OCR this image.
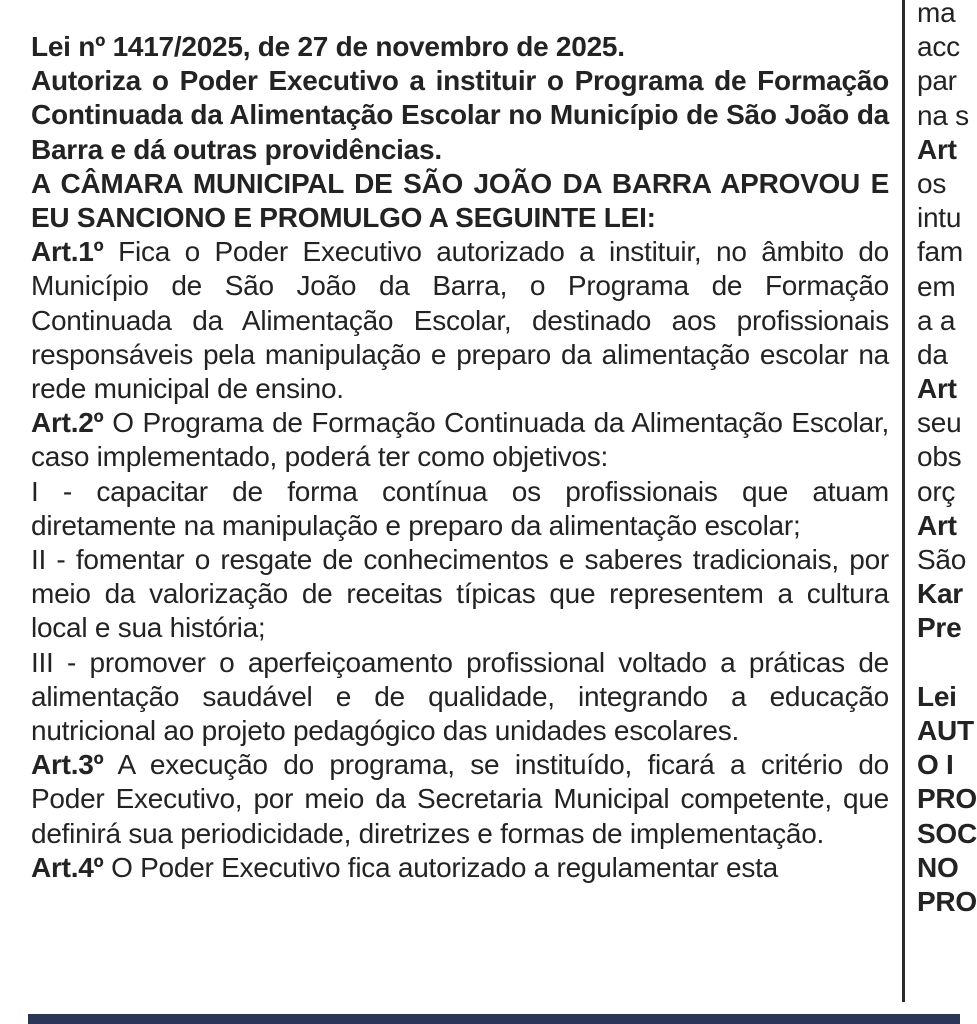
Lei nº 1417/2025, de 27 de novembro de 2025.

Autoriza o Poder Executivo a instituir o Programa de Formação Continuada da Alimentação Escolar no Município de São João da Barra e dá outras providências.

A CÂMARA MUNICIPAL DE SÃO JOÃO DA BARRA APROVOU E EU SANCIONO E PROMULGO A SEGUINTE LEI:

Art.1º Fica o Poder Executivo autorizado a instituir, no âmbito do Município de São João da Barra, o Programa de Formação Continuada da Alimentação Escolar, destinado aos profissionais responsáveis pela manipulação e preparo da alimentação escolar na rede municipal de ensino.

Art.2º O Programa de Formação Continuada da Alimentação Escolar, caso implementado, poderá ter como objetivos:

I - capacitar de forma contínua os profissionais que atuam diretamente na manipulação e preparo da alimentação escolar;

II - fomentar o resgate de conhecimentos e saberes tradicionais, por meio da valorização de receitas típicas que representem a cultura local e sua história;

III - promover o aperfeiçoamento profissional voltado a práticas de alimentação saudável e de qualidade, integrando a educação nutricional ao projeto pedagógico das unidades escolares.

Art.3º A execução do programa, se instituído, ficará a critério do Poder Executivo, por meio da Secretaria Municipal competente, que definirá sua periodicidade, diretrizes e formas de implementação.

Art.4º O Poder Executivo fica autorizado a regulamentar esta

ma
acc
par
na s
Art
os
intu
fam
em
a a
da
Art
seu
obs
orç
Art
São
Kar
Pre
Lei
AUT
O I
PRO
SOC
NO
PRO
